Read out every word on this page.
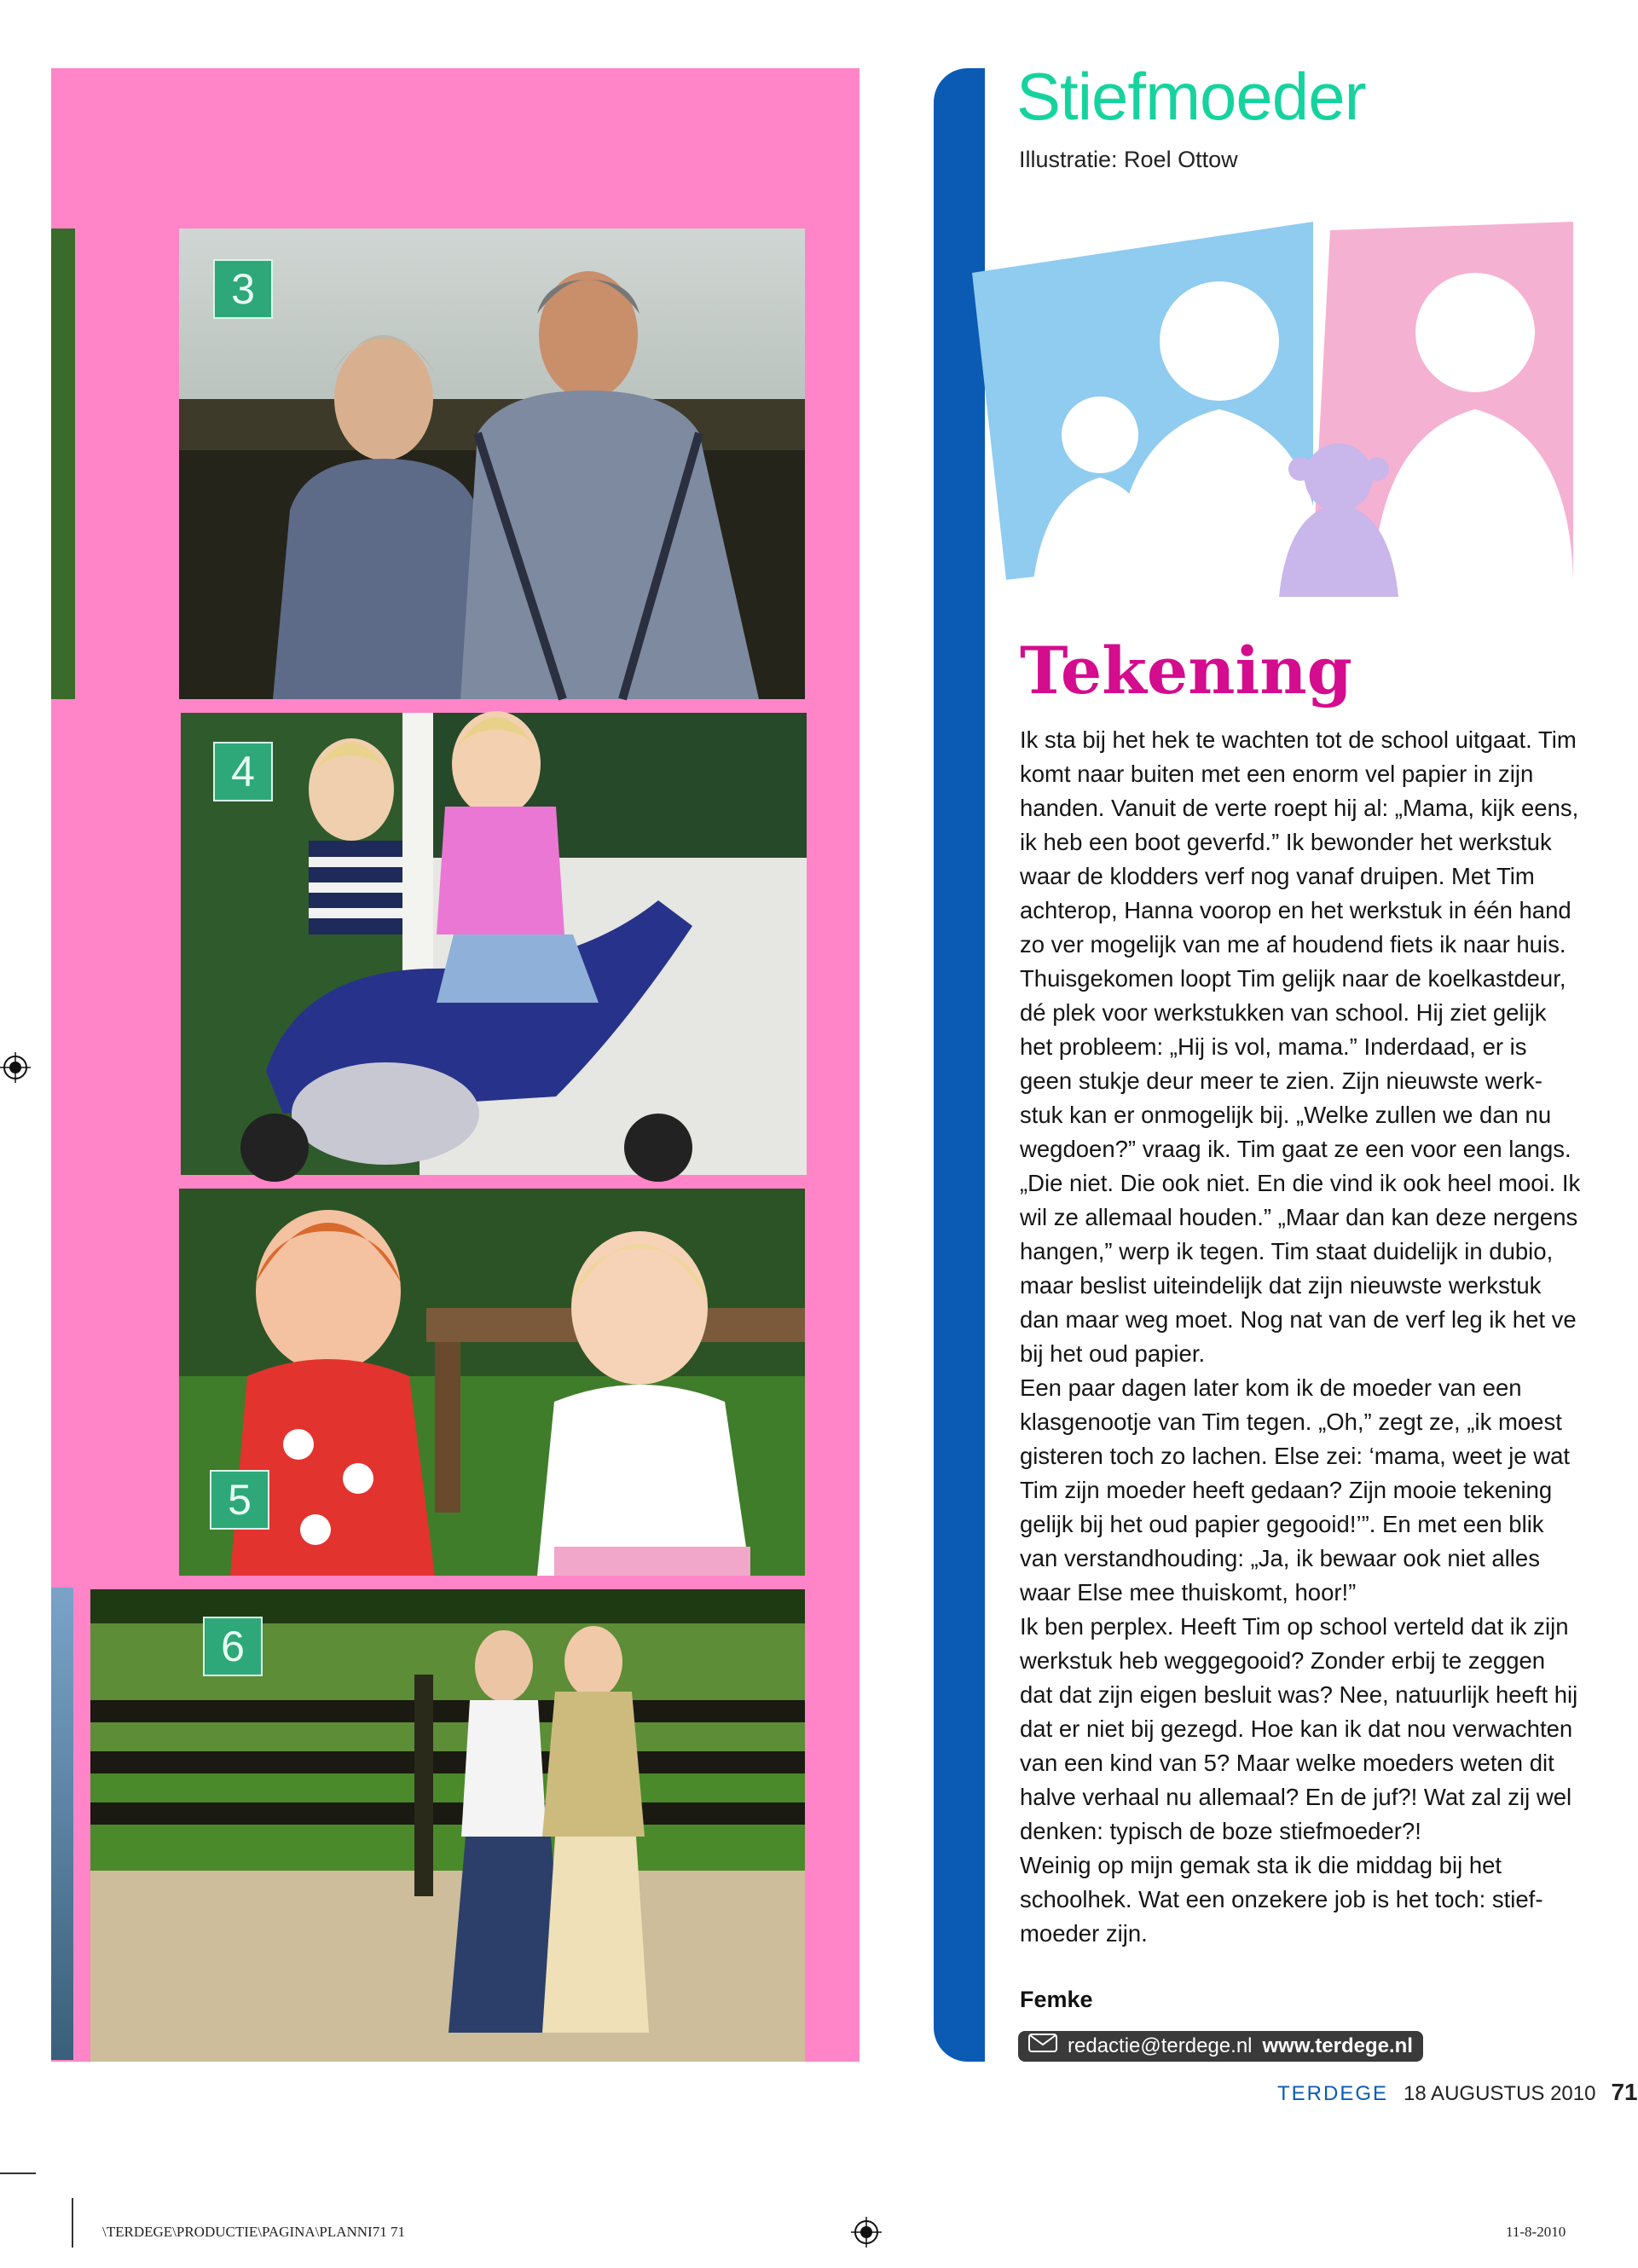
3
4
5
6
Stiefmoeder
Illustratie: Roel Ottow
Tekening

Ik sta bij het hek te wachten tot de school uitgaat. Tim

komt naar buiten met een enorm vel papier in zijn

handen. Vanuit de verte roept hij al: „Mama, kijk eens,

ik heb een boot geverfd.” Ik bewonder het werkstuk

waar de klodders verf nog vanaf druipen. Met Tim

achterop, Hanna voorop en het werkstuk in één hand

zo ver mogelijk van me af houdend fiets ik naar huis.

Thuisgekomen loopt Tim gelijk naar de koelkastdeur,

dé plek voor werkstukken van school. Hij ziet gelijk

het probleem: „Hij is vol, mama.” Inderdaad, er is

geen stukje deur meer te zien. Zijn nieuwste werk-

stuk kan er onmogelijk bij. „Welke zullen we dan nu

wegdoen?” vraag ik. Tim gaat ze een voor een langs.

„Die niet. Die ook niet. En die vind ik ook heel mooi. Ik

wil ze allemaal houden.” „Maar dan kan deze nergens

hangen,” werp ik tegen. Tim staat duidelijk in dubio,

maar beslist uiteindelijk dat zijn nieuwste werkstuk

dan maar weg moet. Nog nat van de verf leg ik het ve

bij het oud papier.

Een paar dagen later kom ik de moeder van een

klasgenootje van Tim tegen. „Oh,” zegt ze, „ik moest

gisteren toch zo lachen. Else zei: ‘mama, weet je wat

Tim zijn moeder heeft gedaan? Zijn mooie tekening

gelijk bij het oud papier gegooid!’”. En met een blik

van verstandhouding: „Ja, ik bewaar ook niet alles

waar Else mee thuiskomt, hoor!”

Ik ben perplex. Heeft Tim op school verteld dat ik zijn

werkstuk heb weggegooid? Zonder erbij te zeggen

dat dat zijn eigen besluit was? Nee, natuurlijk heeft hij

dat er niet bij gezegd. Hoe kan ik dat nou verwachten

van een kind van 5? Maar welke moeders weten dit

halve verhaal nu allemaal? En de juf?! Wat zal zij wel

denken: typisch de boze stiefmoeder?!

Weinig op mijn gemak sta ik die middag bij het

schoolhek. Wat een onzekere job is het toch: stief-

moeder zijn.

Femke
redactie@terdege.nl www.terdege.nl
TERDEGE 18 AUGUSTUS 2010 71
\TERDEGE\PRODUCTIE\PAGINA\PLANNI71 71	11-8-2010
